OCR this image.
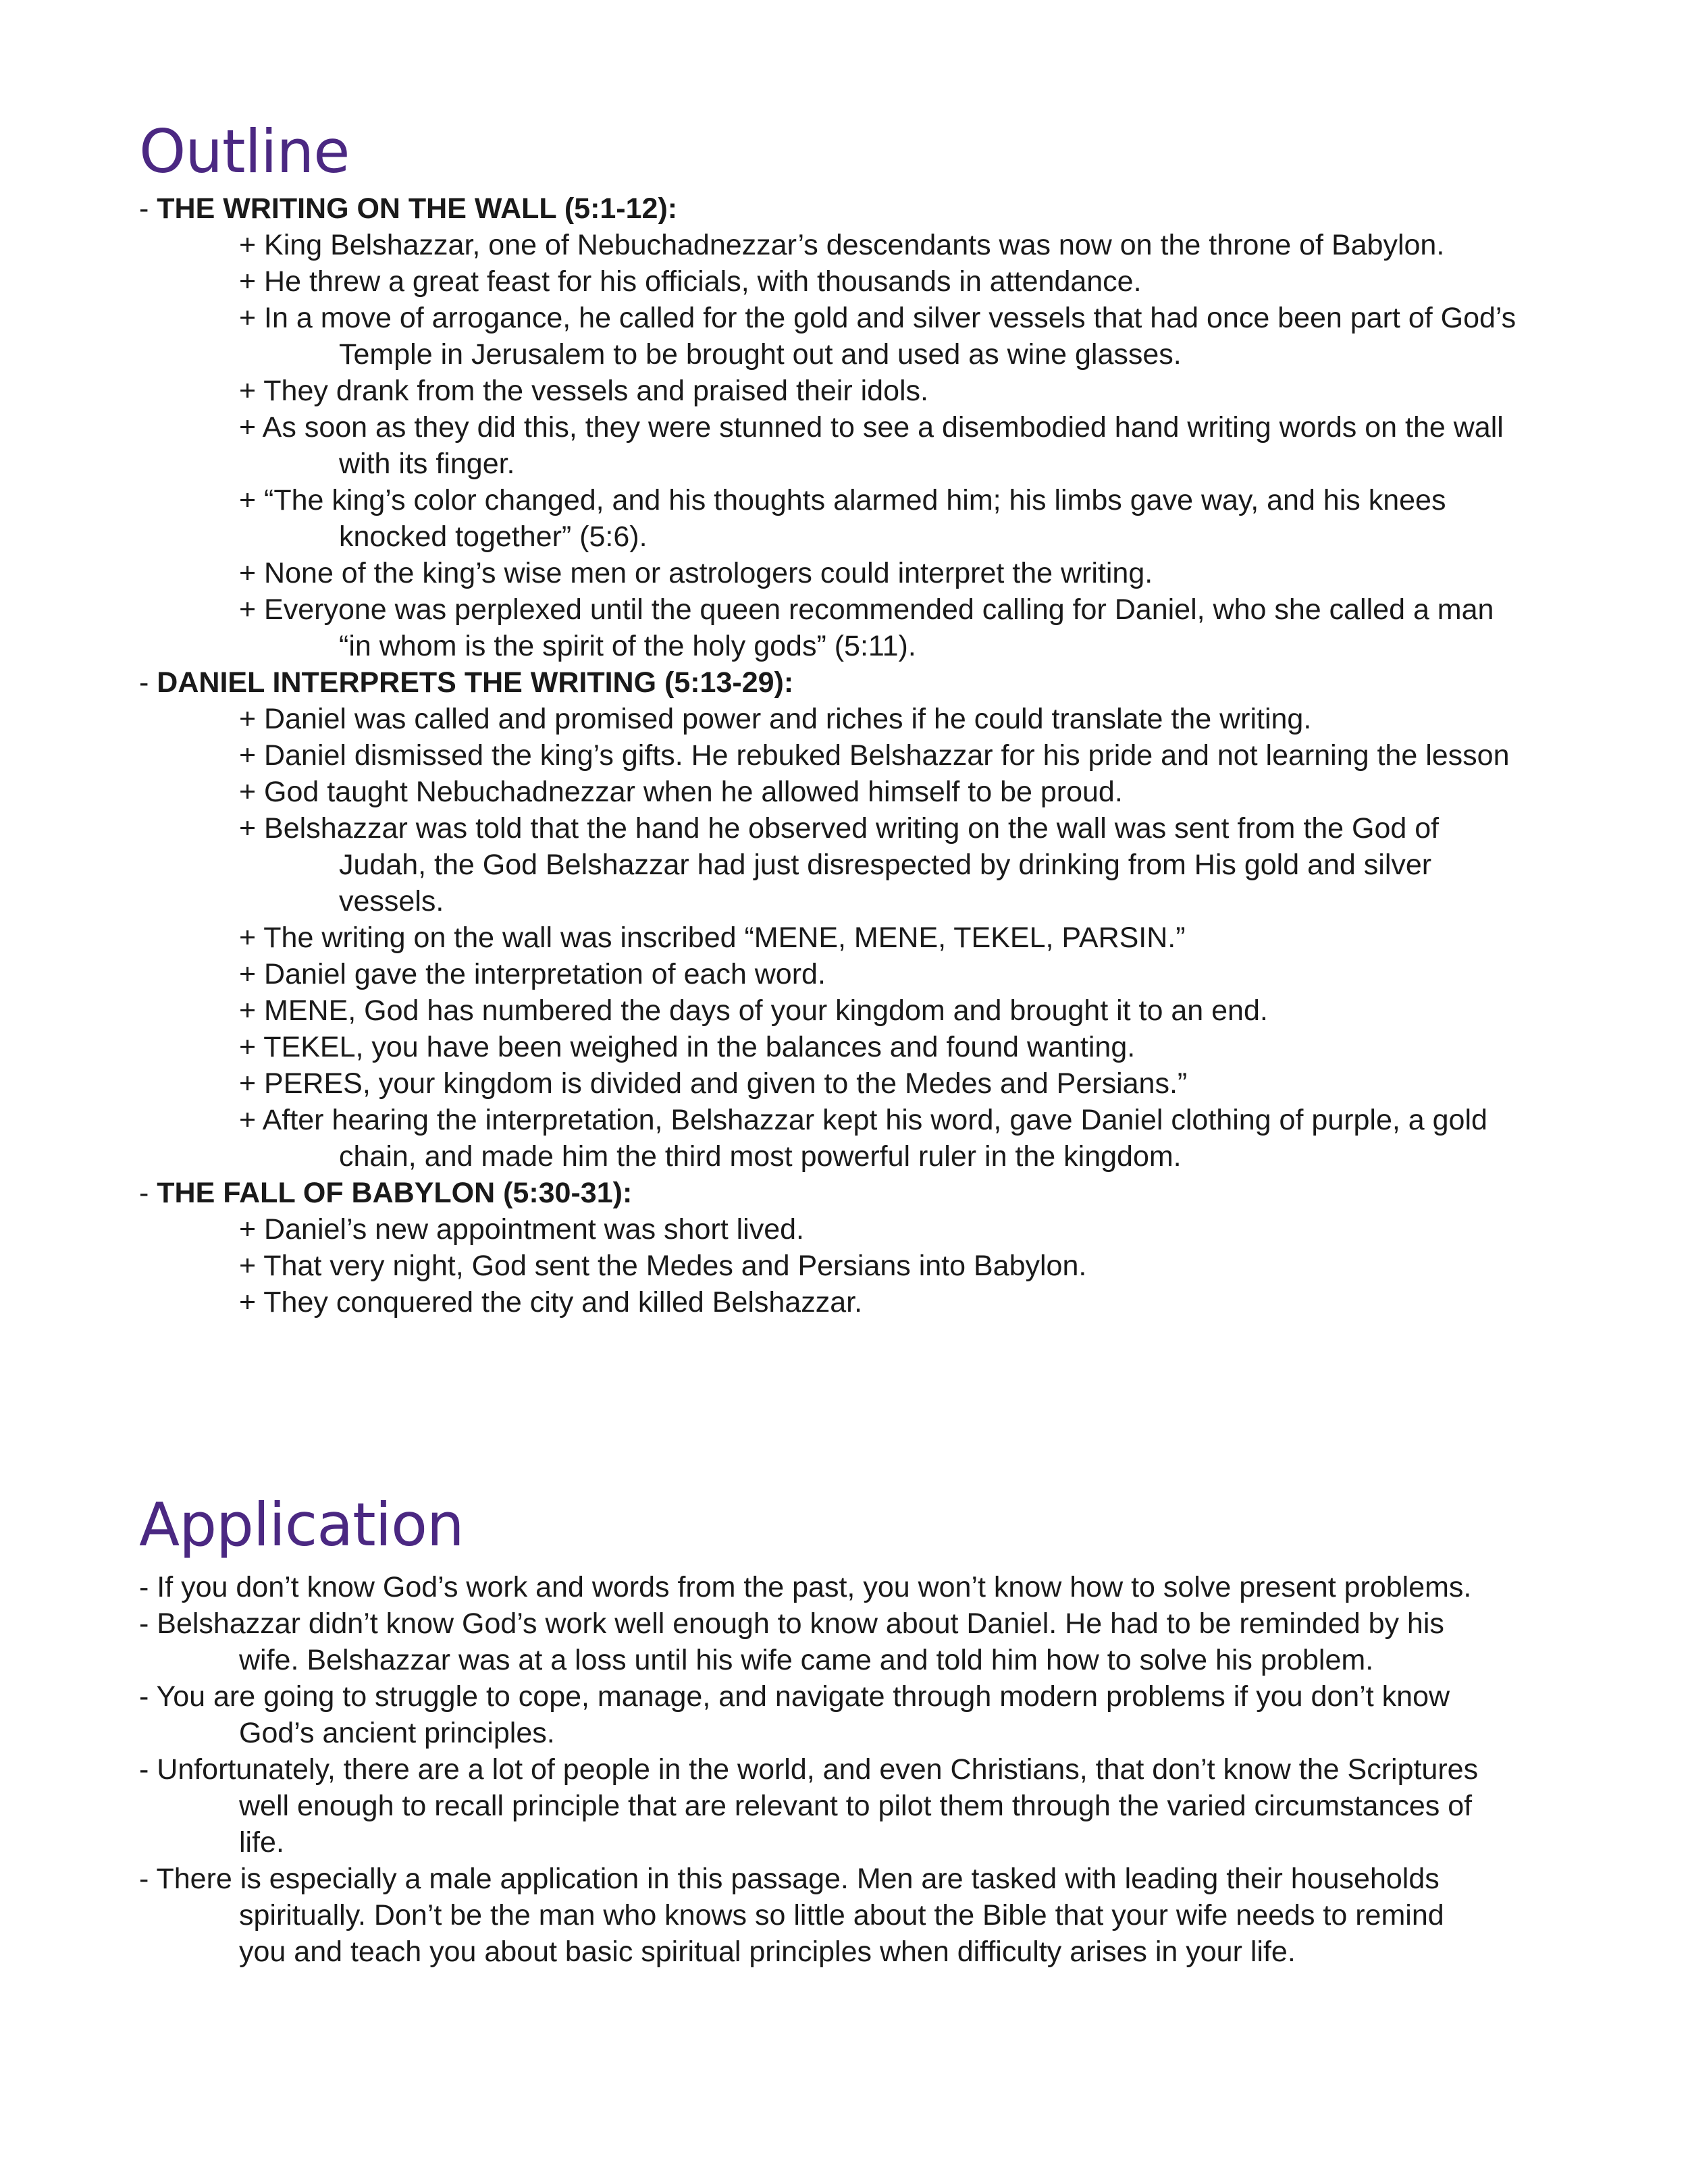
Outline
- THE WRITING ON THE WALL (5:1-12):
+ King Belshazzar, one of Nebuchadnezzar’s descendants was now on the throne of Babylon.
+ He threw a great feast for his officials, with thousands in attendance.
+ In a move of arrogance, he called for the gold and silver vessels that had once been part of God’s
Temple in Jerusalem to be brought out and used as wine glasses.
+ They drank from the vessels and praised their idols.
+ As soon as they did this, they were stunned to see a disembodied hand writing words on the wall
with its finger.
+ “The king’s color changed, and his thoughts alarmed him; his limbs gave way, and his knees
knocked together” (5:6).
+ None of the king’s wise men or astrologers could interpret the writing.
+ Everyone was perplexed until the queen recommended calling for Daniel, who she called a man
“in whom is the spirit of the holy gods” (5:11).
- DANIEL INTERPRETS THE WRITING (5:13-29):
+ Daniel was called and promised power and riches if he could translate the writing.
+ Daniel dismissed the king’s gifts. He rebuked Belshazzar for his pride and not learning the lesson
+ God taught Nebuchadnezzar when he allowed himself to be proud.
+ Belshazzar was told that the hand he observed writing on the wall was sent from the God of
Judah, the God Belshazzar had just disrespected by drinking from His gold and silver
vessels.
+ The writing on the wall was inscribed “MENE, MENE, TEKEL, PARSIN.”
+ Daniel gave the interpretation of each word.
+ MENE, God has numbered the days of your kingdom and brought it to an end.
+ TEKEL, you have been weighed in the balances and found wanting.
+ PERES, your kingdom is divided and given to the Medes and Persians.”
+ After hearing the interpretation, Belshazzar kept his word, gave Daniel clothing of purple, a gold
chain, and made him the third most powerful ruler in the kingdom.
- THE FALL OF BABYLON (5:30-31):
+ Daniel’s new appointment was short lived.
+ That very night, God sent the Medes and Persians into Babylon.
+ They conquered the city and killed Belshazzar.
Application
- If you don’t know God’s work and words from the past, you won’t know how to solve present problems.
- Belshazzar didn’t know God’s work well enough to know about Daniel. He had to be reminded by his
wife. Belshazzar was at a loss until his wife came and told him how to solve his problem.
- You are going to struggle to cope, manage, and navigate through modern problems if you don’t know
God’s ancient principles.
- Unfortunately, there are a lot of people in the world, and even Christians, that don’t know the Scriptures
well enough to recall principle that are relevant to pilot them through the varied circumstances of
life.
- There is especially a male application in this passage. Men are tasked with leading their households
spiritually. Don’t be the man who knows so little about the Bible that your wife needs to remind
you and teach you about basic spiritual principles when difficulty arises in your life.
